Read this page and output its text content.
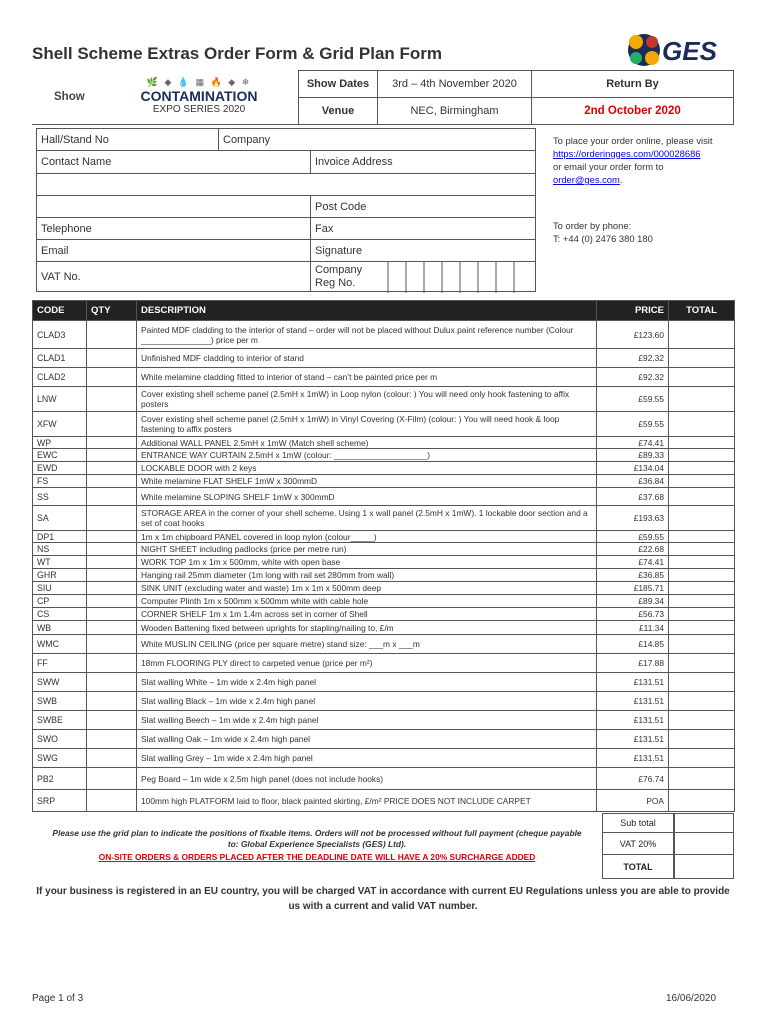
Shell Scheme Extras Order Form & Grid Plan Form	GES
Show
🌿 ◆ 💧 ▦ 🔥 ◆ ❄
CONTAMINATION
EXPO SERIES 2020	Show Dates	3rd – 4th November 2020	Return By
	Venue	NEC, Birmingham	2nd October 2020
Hall/Stand No	Company	
Contact Name		Invoice Address

		Post Code
Telephone		Fax
Email		Signature
VAT No.		Company Reg No.
To place your order online, please visit
https://orderingges.com/000028686
or email your order form to
order@ges.com.
To order by phone:
T: +44 (0) 2476 380 180
CODE	QTY	DESCRIPTION	PRICE	TOTAL
CLAD3		Painted MDF cladding to the interior of stand – order will not be placed without Dulux paint reference number (Colour _______________) price per m	£123.60	
CLAD1		Unfinished MDF cladding to interior of stand	£92.32	
CLAD2		White melamine cladding fitted to interior of stand – can’t be painted price per m	£92.32	
LNW		Cover existing shell scheme panel (2.5mH x 1mW) in Loop nylon (colour: ) You will need only hook fastening to affix posters	£59.55	
XFW		Cover existing shell scheme panel (2.5mH x 1mW) in Vinyl Covering (X-Film) (colour: ) You will need hook & loop fastening to affix posters	£59.55	
WP		Additional WALL PANEL 2.5mH x 1mW (Match shell scheme)	£74.41	
EWC		ENTRANCE WAY CURTAIN 2.5mH x 1mW (colour: ____________________)	£89.33	
EWD		LOCKABLE DOOR with 2 keys	£134.04	
FS		White melamine FLAT SHELF 1mW x 300mmD	£36.84	
SS		White melamine SLOPING SHELF 1mW x 300mmD	£37.68	
SA		STORAGE AREA in the corner of your shell scheme. Using 1 x wall panel (2.5mH x 1mW). 1 lockable door section and a set of coat hooks	£193.63	
DP1		1m x 1m chipboard PANEL covered in loop nylon (colour_____)	£59.55	
NS		NIGHT SHEET including padlocks (price per metre run)	£22.68	
WT		WORK TOP 1m x 1m x 500mm, white with open base	£74.41	
GHR		Hanging rail 25mm diameter (1m long with rail set 280mm from wall)	£36.85	
SIU		SINK UNIT (excluding water and waste) 1m x 1m x 500mm deep	£185.71	
CP		Computer Plinth 1m x 500mm x 500mm white with cable hole	£89.34	
CS		CORNER SHELF 1m x 1m 1.4m across set in corner of Shell	£56.73	
WB		Wooden Battening fixed between uprights for stapling/nailing to, £/m	£11.34	
WMC		White MUSLIN CEILING (price per square metre) stand size: ___m x ___m	£14.85	
FF		18mm FLOORING PLY direct to carpeted venue (price per m²)	£17.88	
SWW		Slat walling White – 1m wide x 2.4m high panel	£131.51	
SWB		Slat walling Black – 1m wide x 2.4m high panel	£131.51	
SWBE		Slat walling Beech – 1m wide x 2.4m high panel	£131.51	
SWO		Slat walling Oak – 1m wide x 2.4m high panel	£131.51	
SWG		Slat walling Grey – 1m wide x 2.4m high panel	£131.51	
PB2		Peg Board – 1m wide x 2.5m high panel (does not include hooks)	£76.74	
SRP		100mm high PLATFORM laid to floor, black painted skirting, £/m² PRICE DOES NOT INCLUDE CARPET	POA	
Please use the grid plan to indicate the positions of fixable items. Orders will not be processed without full payment (cheque payable to: Global Experience Specialists (GES) Ltd).
ON-SITE ORDERS & ORDERS PLACED AFTER THE DEADLINE DATE WILL HAVE A 20% SURCHARGE ADDED
Sub total
VAT 20%
TOTAL

If your business is registered in an EU country, you will be charged VAT in accordance with current EU Regulations unless you are able to provide us with a current and valid VAT number.
Page 1 of 3	16/06/2020
